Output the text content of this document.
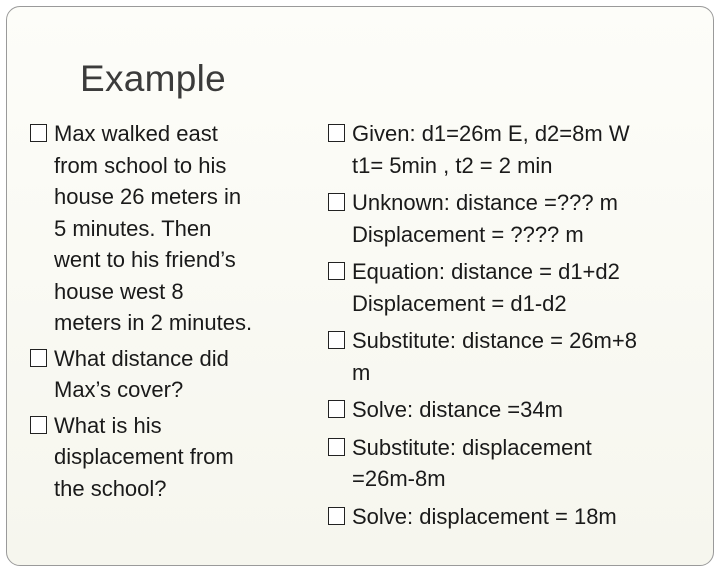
Example
Max walked east
from school to his
house 26 meters in
5 minutes. Then
went to his friend’s
house west 8
meters in 2 minutes.
What distance did
Max’s cover?
What is his
displacement from
the school?
Given: d1=26m E, d2=8m W
t1= 5min , t2 = 2 min
Unknown: distance =??? m
Displacement = ???? m
Equation: distance = d1+d2
Displacement = d1-d2
Substitute: distance = 26m+8
m
Solve: distance =34m
Substitute: displacement
=26m-8m
Solve: displacement = 18m
